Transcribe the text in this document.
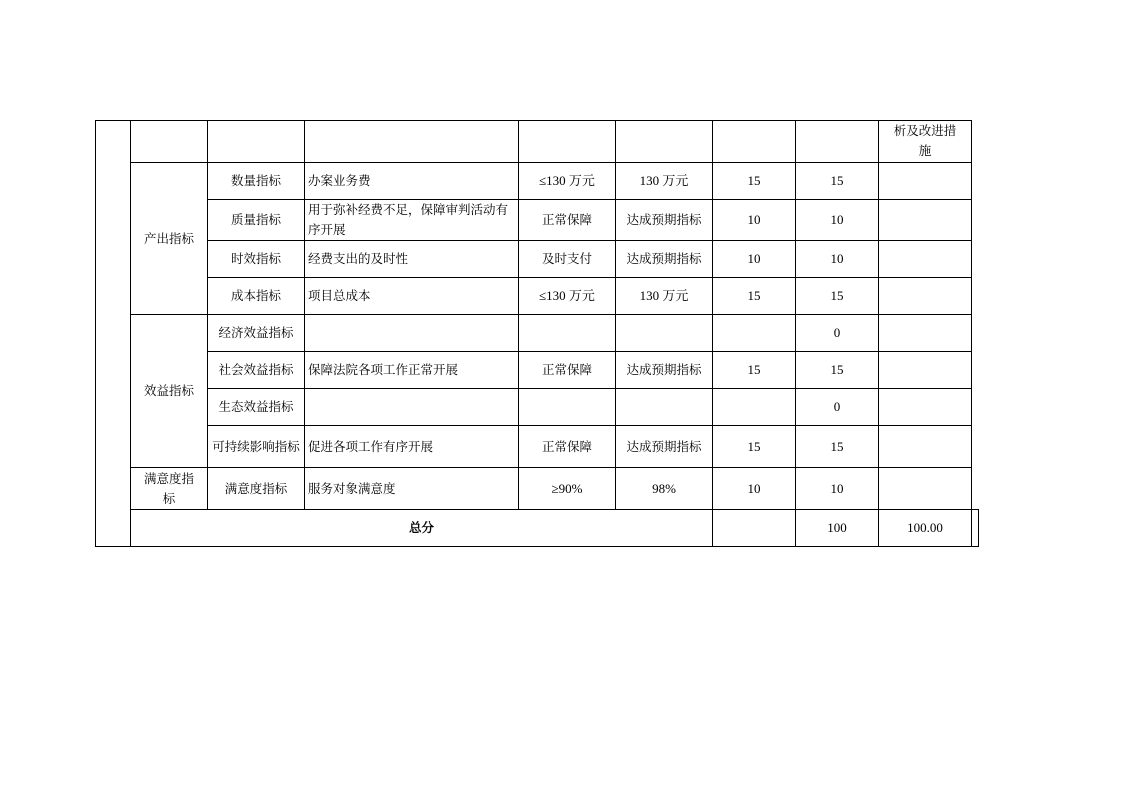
								析及改进措施	
	产出指标	数量指标	办案业务费	≤130 万元	130 万元	15	15		
		质量指标	用于弥补经费不足，保障审判活动有序开展	正常保障	达成预期指标	10	10		
		时效指标	经费支出的及时性	及时支付	达成预期指标	10	10		
		成本指标	项目总成本	≤130 万元	130 万元	15	15		
	效益指标	经济效益指标					0		
		社会效益指标	保障法院各项工作正常开展	正常保障	达成预期指标	15	15		
		生态效益指标					0		
		可持续影响指标	促进各项工作有序开展	正常保障	达成预期指标	15	15		
	满意度指标	满意度指标	服务对象满意度	≥90%	98%	10	10		
	总分						100	100.00	
